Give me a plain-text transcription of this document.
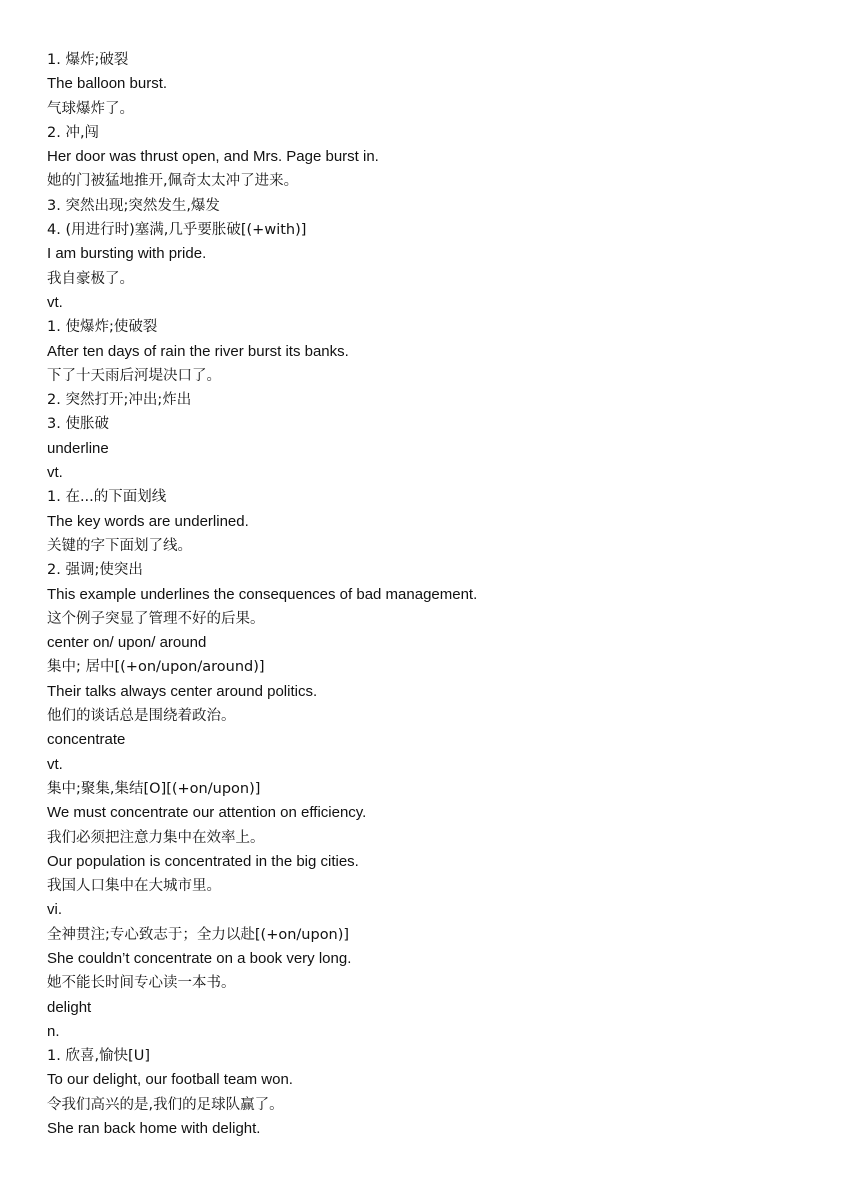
1. 爆炸;破裂
The balloon burst.
气球爆炸了。
2. 冲,闯
Her door was thrust open, and Mrs. Page burst in.
她的门被猛地推开,佩奇太太冲了进来。
3. 突然出现;突然发生,爆发
4. (用进行时)塞满,几乎要胀破[(+with)]
I am bursting with pride.
我自豪极了。
vt.
1. 使爆炸;使破裂
After ten days of rain the river burst its banks.
下了十天雨后河堤决口了。
2. 突然打开;冲出;炸出
3. 使胀破
underline
vt.
1. 在...的下面划线
The key words are underlined.
关键的字下面划了线。
2. 强调;使突出
This example underlines the consequences of bad management.
这个例子突显了管理不好的后果。
center on/ upon/ around
集中; 居中[(+on/upon/around)]
Their talks always center around politics.
他们的谈话总是围绕着政治。
concentrate
vt.
集中;聚集,集结[O][(+on/upon)]
We must concentrate our attention on efficiency.
我们必须把注意力集中在效率上。
Our population is concentrated in the big cities.
我国人口集中在大城市里。
vi.
全神贯注;专心致志于；全力以赴[(+on/upon)]
She couldn’t concentrate on a book very long.
她不能长时间专心读一本书。
delight
n.
1. 欣喜,愉快[U]
To our delight, our football team won.
令我们高兴的是,我们的足球队赢了。
She ran back home with delight.
